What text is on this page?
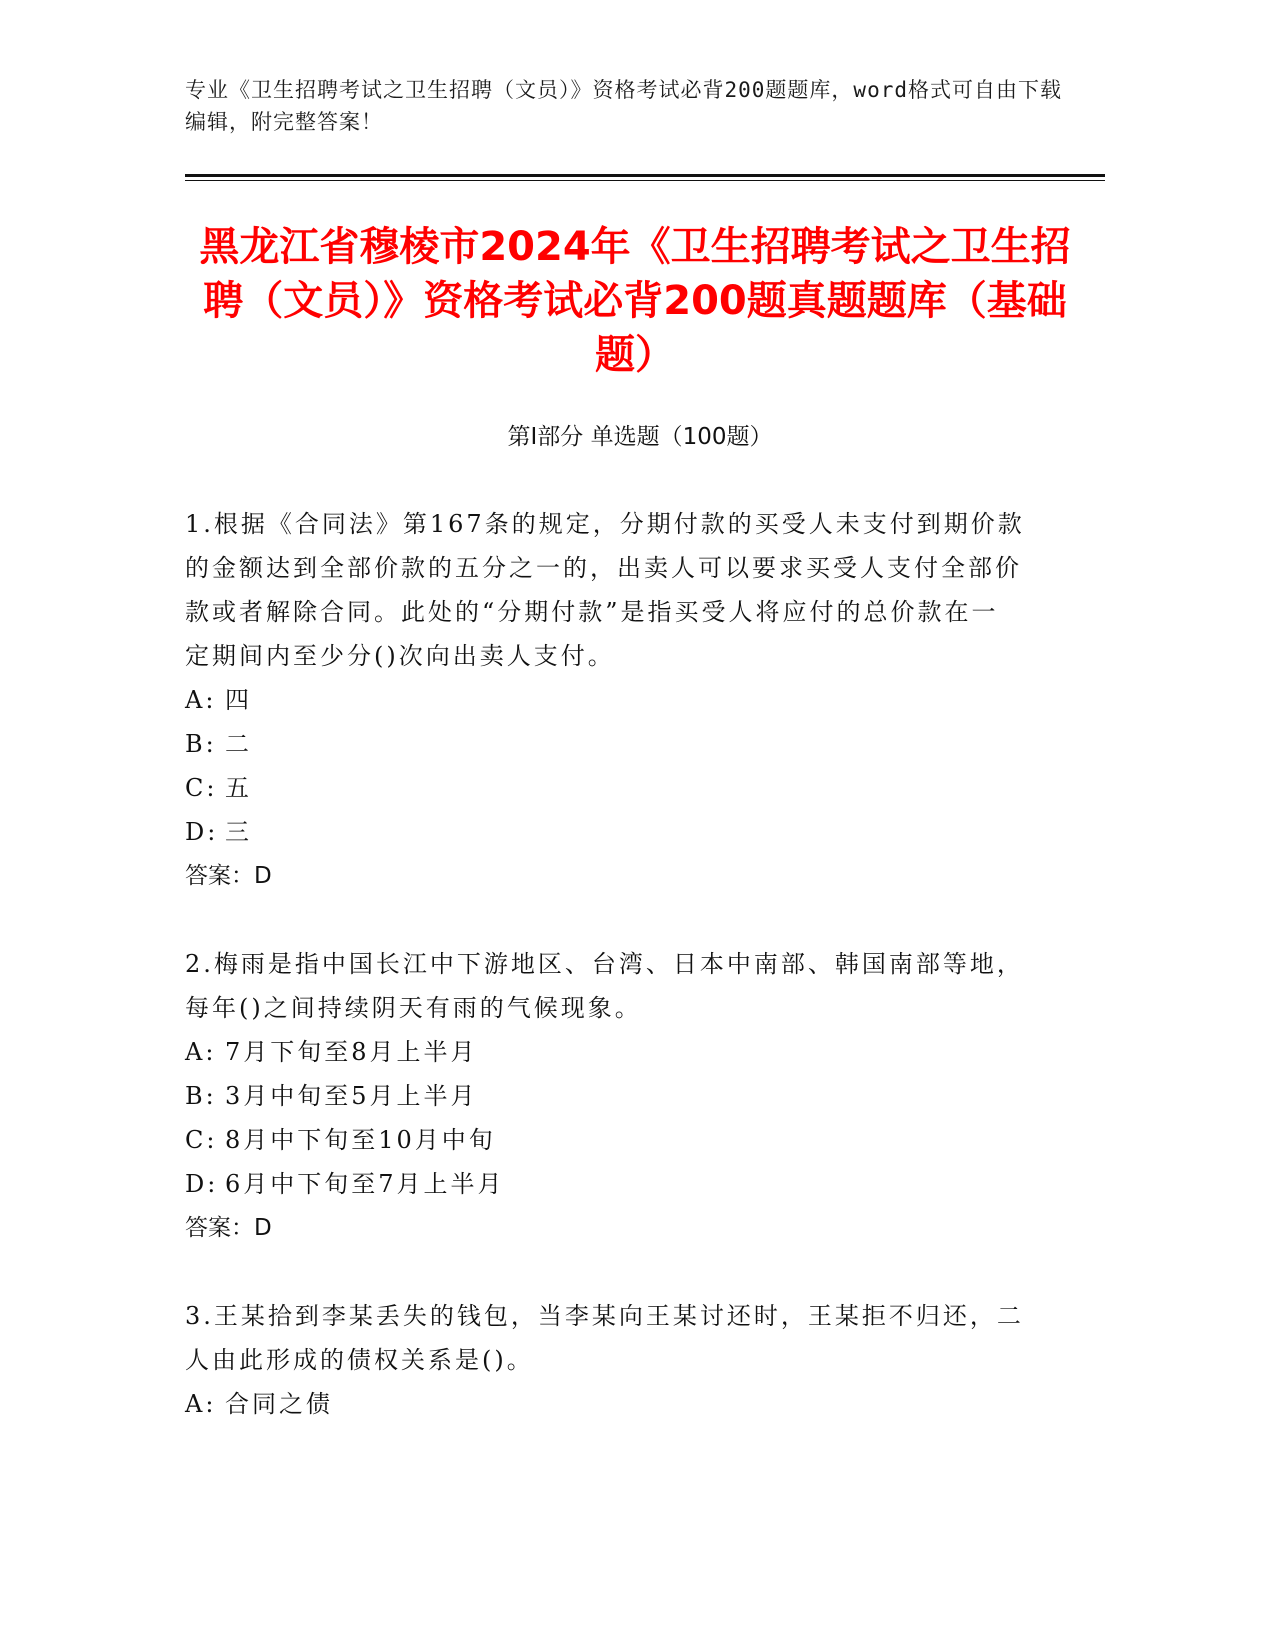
专业《卫生招聘考试之卫生招聘（文员）》资格考试必背200题题库，word格式可自由下载编辑，附完整答案！
黑龙江省穆棱市2024年《卫生招聘考试之卫生招聘（文员）》资格考试必背200题真题题库（基础题）
第Ⅰ部分 单选题（100题）

1.根据《合同法》第167条的规定，分期付款的买受人未支付到期价款的金额达到全部价款的五分之一的，出卖人可以要求买受人支付全部价款或者解除合同。此处的“分期付款”是指买受人将应付的总价款在一定期间内至少分()次向出卖人支付。

A: 四

B: 二

C: 五

D: 三

答案：D

2.梅雨是指中国长江中下游地区、台湾、日本中南部、韩国南部等地，每年()之间持续阴天有雨的气候现象。

A: 7月下旬至8月上半月

B: 3月中旬至5月上半月

C: 8月中下旬至10月中旬

D: 6月中下旬至7月上半月

答案：D

3.王某拾到李某丢失的钱包，当李某向王某讨还时，王某拒不归还，二人由此形成的债权关系是()。

A: 合同之债
